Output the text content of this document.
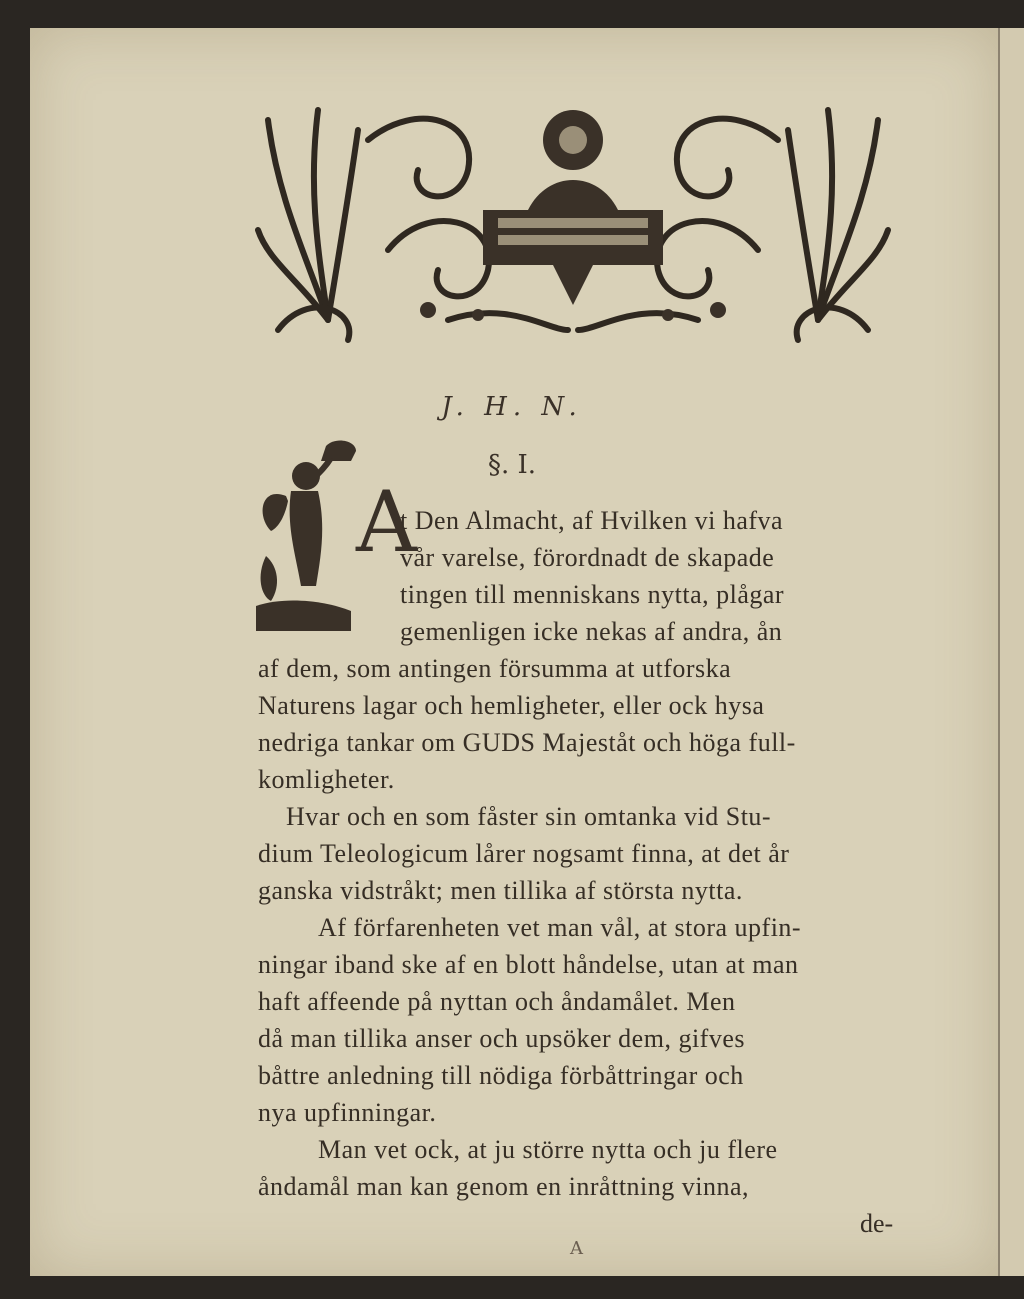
J. H. N.
§. I.
A
t Den Almacht, af Hvilken vi hafva
vår varelse, förordnadt de skapade
tingen till menniskans nytta, plågar
gemenligen icke nekas af andra, ån
af dem, som antingen försumma at utforska
Naturens lagar och hemligheter, eller ock hysa
nedriga tankar om GUDS Majeståt och höga full-
komligheter.
Hvar och en som fåster sin omtanka vid Stu-
dium Teleologicum lårer nogsamt finna, at det år
ganska vidstråkt; men tillika af största nytta.
Af förfarenheten vet man vål, at stora upfin-
ningar iband ske af en blott håndelse, utan at man
haft affeende på nyttan och åndamålet. Men
då man tillika anser och upsöker dem, gifves
båttre anledning till nödiga förbåttringar och
nya upfinningar.
Man vet ock, at ju större nytta och ju flere
åndamål man kan genom en inråttning vinna,
de-
A
